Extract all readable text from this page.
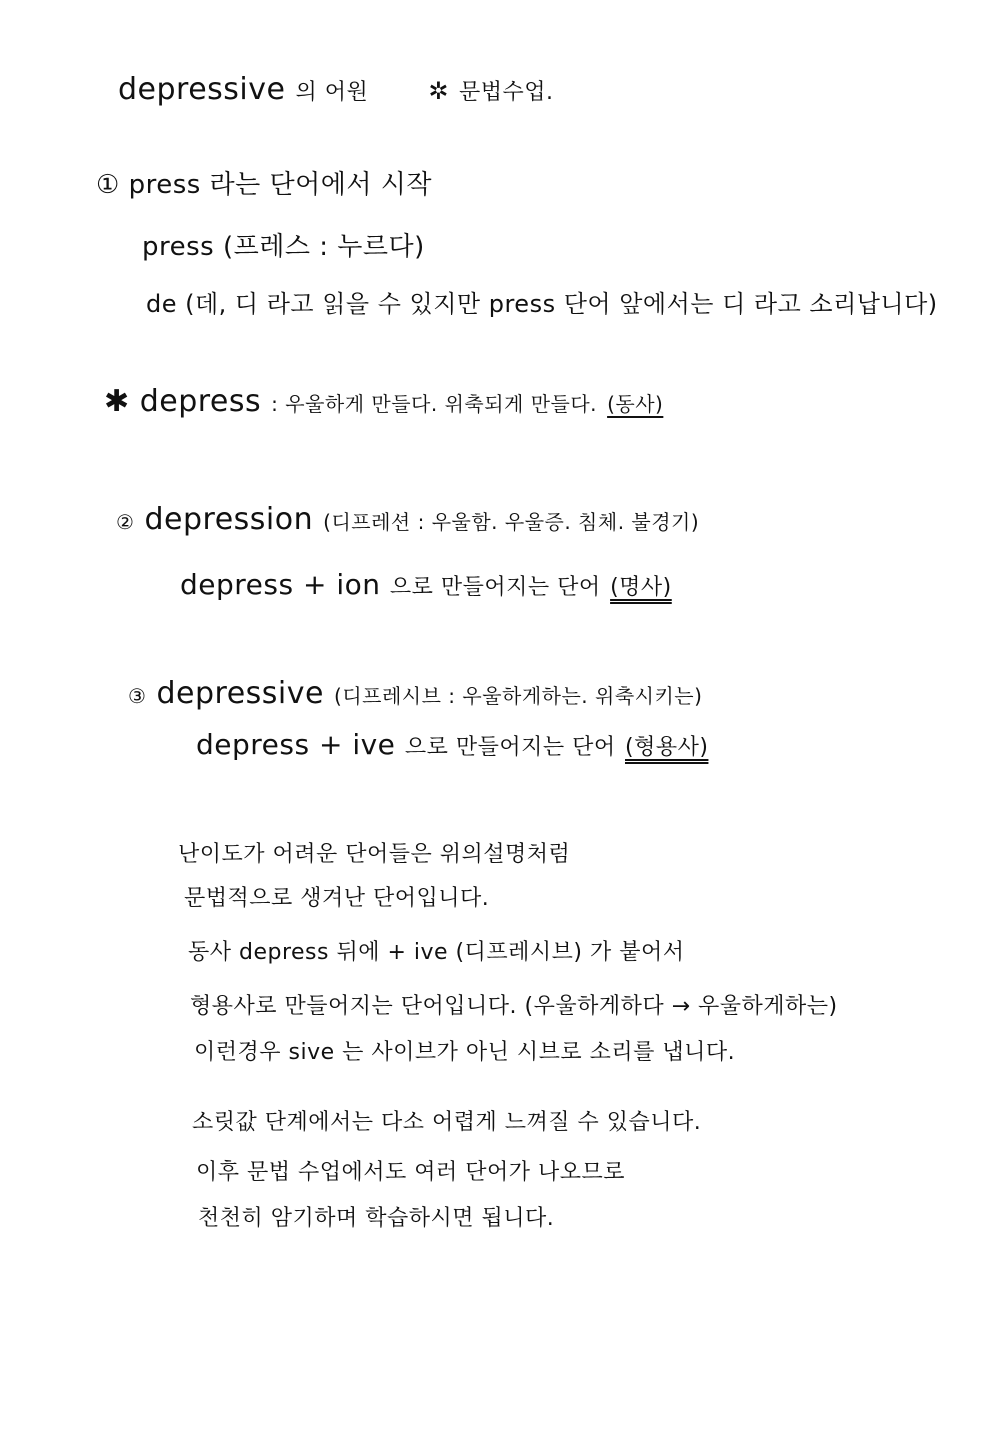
depressive 의 어원	✲ 문법수업.
① press 라는 단어에서 시작
press (프레스 : 누르다)
de (데, 디 라고 읽을 수 있지만 press 단어 앞에서는 디 라고 소리납니다)
✱ depress : 우울하게 만들다. 위축되게 만들다. (동사)
② depression (디프레션 : 우울함. 우울증. 침체. 불경기)
depress + ion 으로 만들어지는 단어 (명사)
③ depressive (디프레시브 : 우울하게하는. 위축시키는)
depress + ive 으로 만들어지는 단어 (형용사)
난이도가 어려운 단어들은 위의설명처럼
문법적으로 생겨난 단어입니다.
동사 depress 뒤에 + ive (디프레시브) 가 붙어서
형용사로 만들어지는 단어입니다. (우울하게하다 → 우울하게하는)
이런경우 sive 는 사이브가 아닌 시브로 소리를 냅니다.
소릿값 단계에서는 다소 어렵게 느껴질 수 있습니다.
이후 문법 수업에서도 여러 단어가 나오므로
천천히 암기하며 학습하시면 됩니다.
